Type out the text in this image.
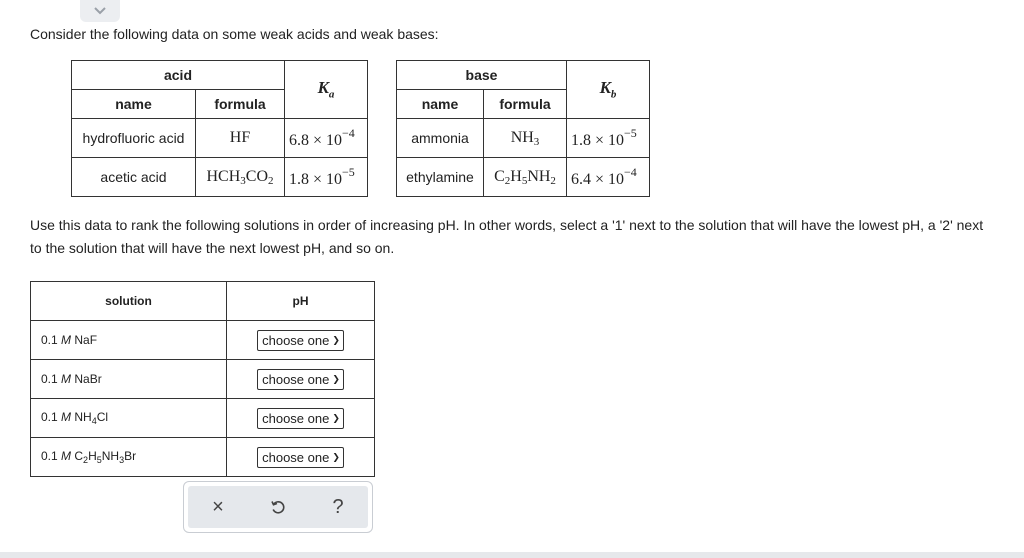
Consider the following data on some weak acids and weak bases:
acid		$K_a$
name	formula	
hydrofluoric acid	HF	$6.8 \times 10^{-4}$
acetic acid	$HCH_3CO_2$	$1.8 \times 10^{-5}$
base		$K_b$
name	formula	
ammonia	$NH_3$	$1.8 \times 10^{-5}$
ethylamine	$C_2H_5NH_2$	$6.4 \times 10^{-4}$
Use this data to rank the following solutions in order of increasing pH. In other words, select a '1' next to the solution that will have the lowest pH, a '2' next to the solution that will have the next lowest pH, and so on.
solution	pH
0.1 M NaF	choose one ❯

0.1 M NaBr	choose one ❯

0.1 M $NH_4Cl$	choose one ❯

0.1 M $C_2H_5NH_3Br$	choose one ❯
×	?
